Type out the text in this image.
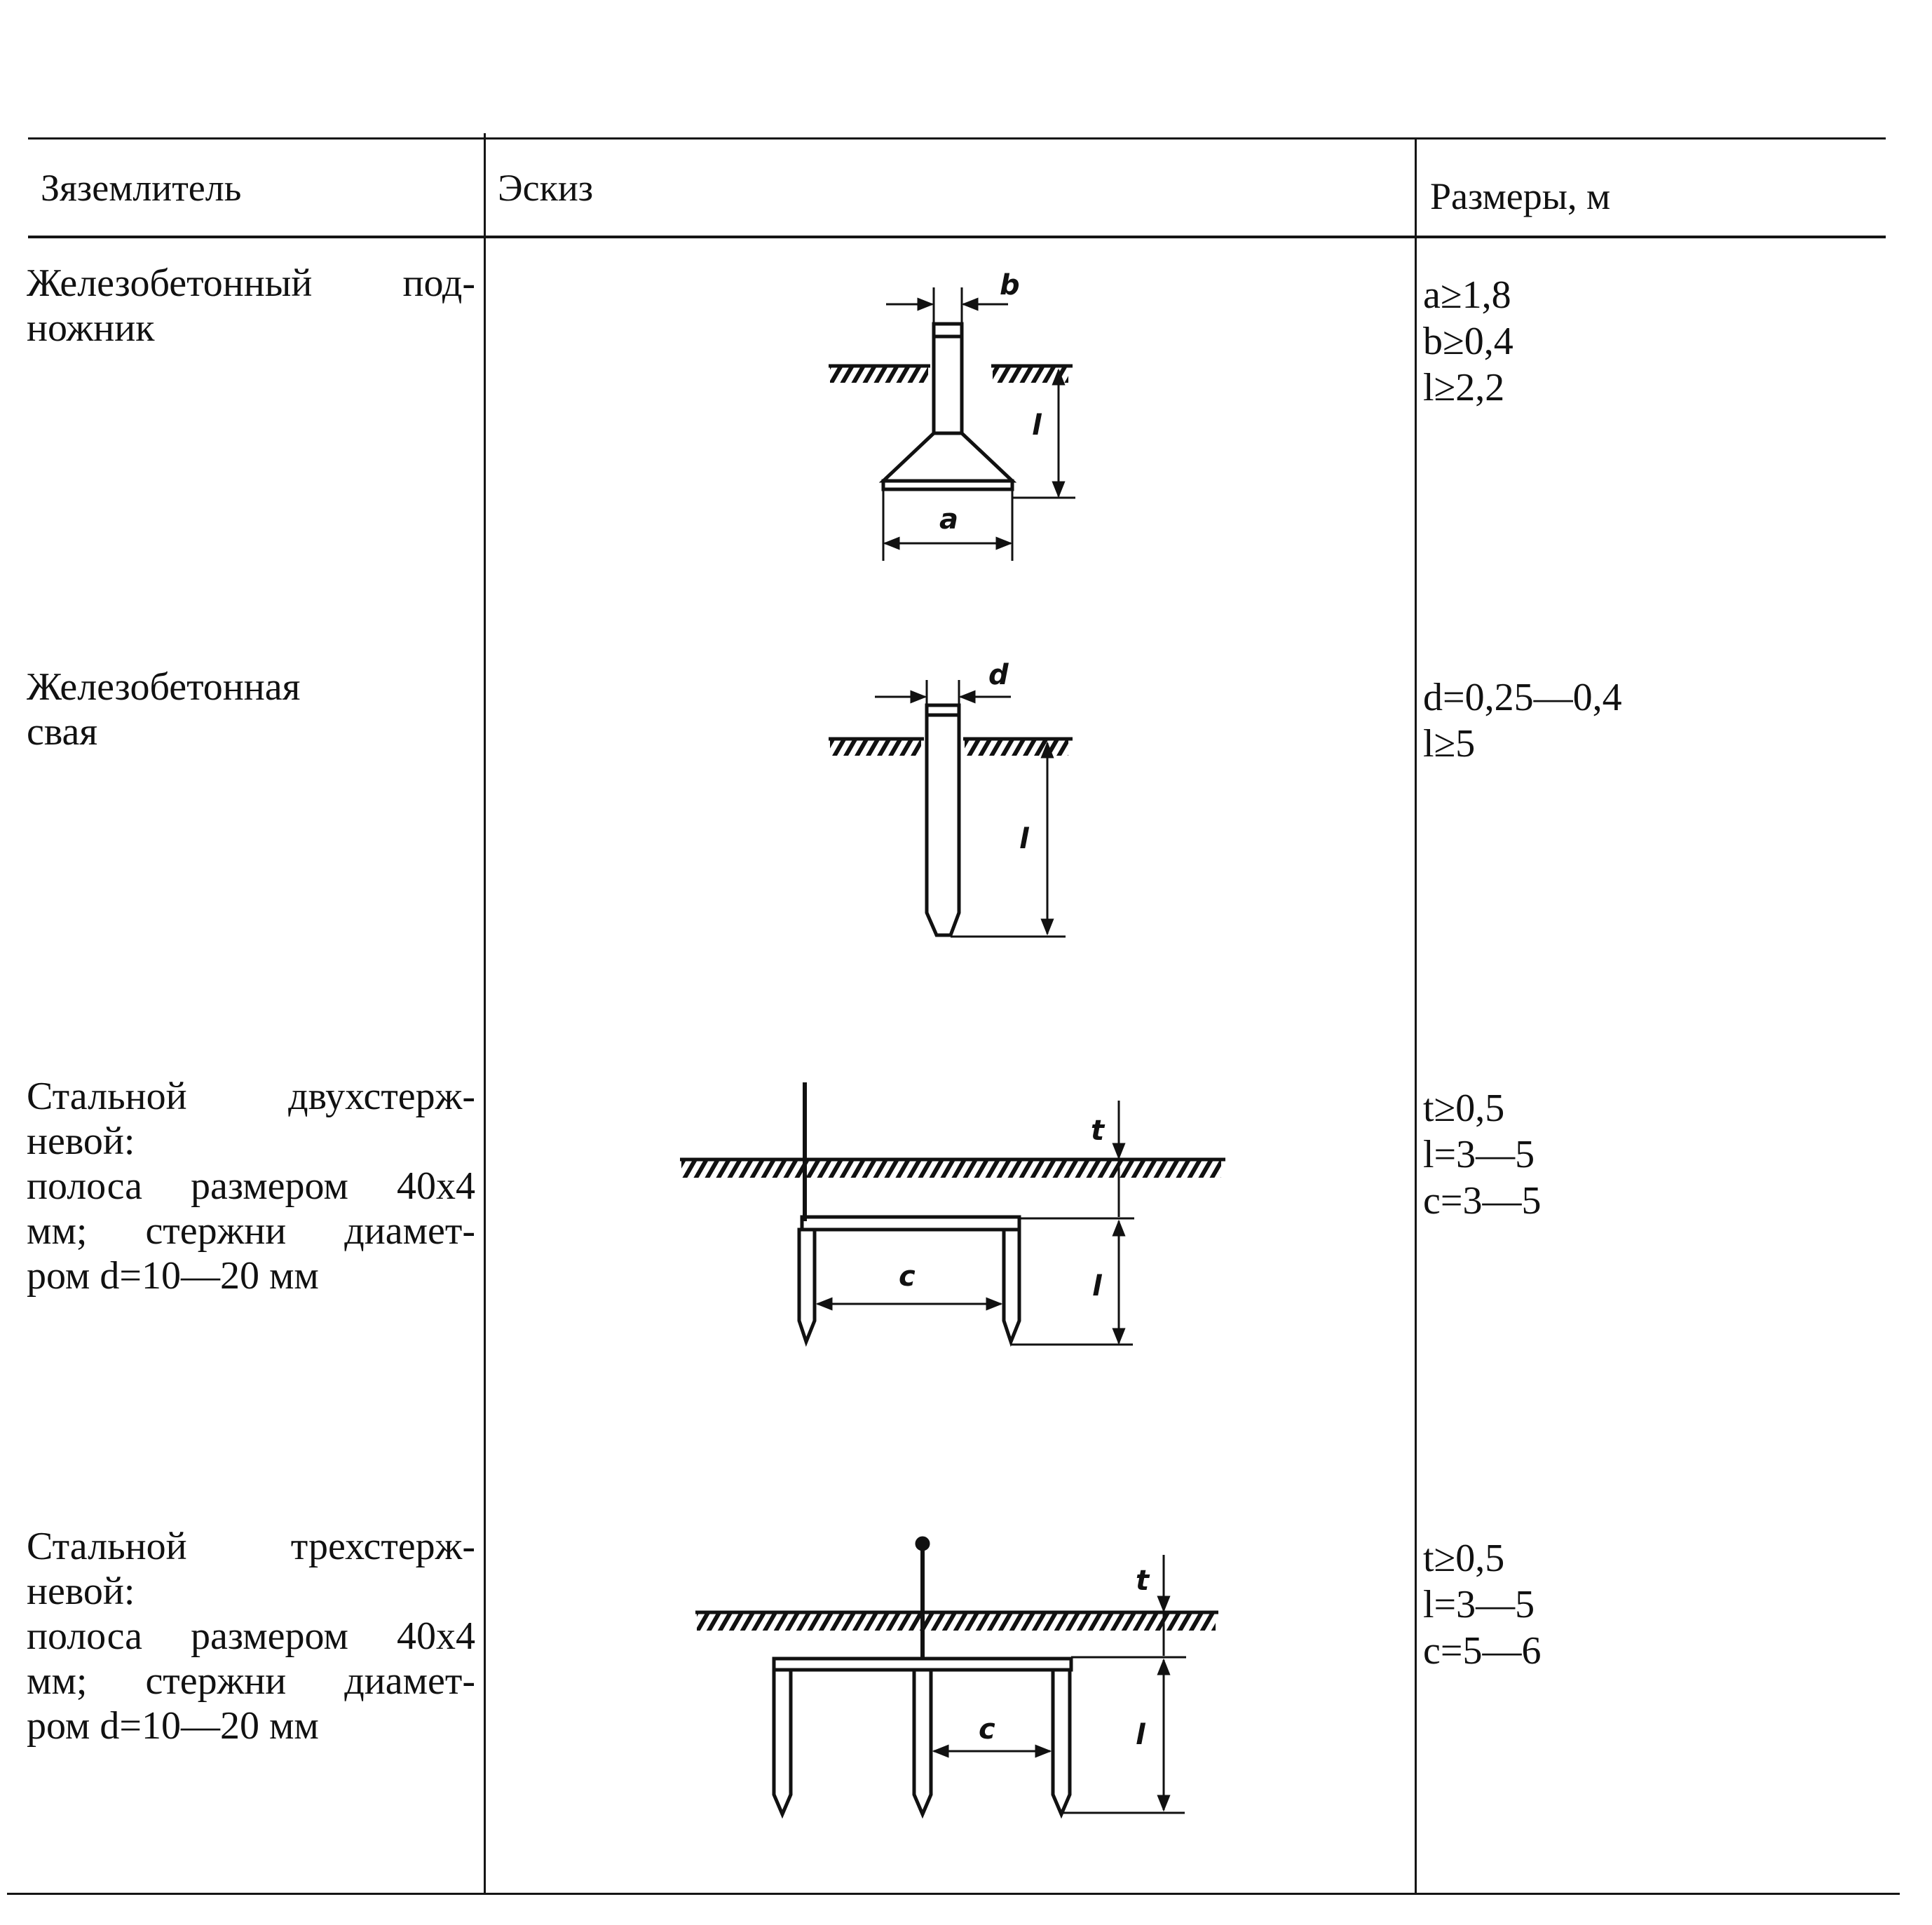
Зяземлитель	Эскиз	Размеры, м
Железобетонный под-
ножник
a≥1,8
b≥0,4
l≥2,2
b
l
a
Железобетонная
свая
d=0,25—0,4
l≥5
d
l
Стальной двухстерж-
невой:
полоса размером 40х4
мм; стержни диамет-
ром d=10—20 мм
t≥0,5
l=3—5
c=3—5
t
l
c
Стальной трехстерж-
невой:
полоса размером 40х4
мм; стержни диамет-
ром d=10—20 мм
t≥0,5
l=3—5
c=5—6
t
l
c
